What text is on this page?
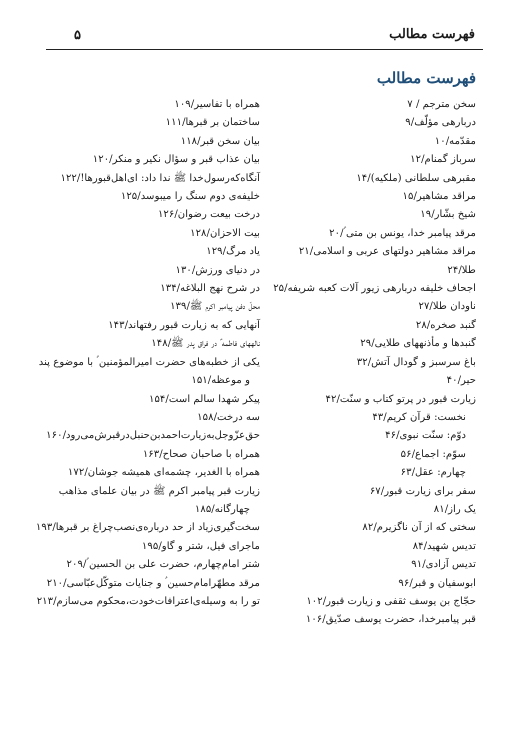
فهرست مطالب
۵
فهرست مطالب
سخن مترجم / ۷
دربارهی مؤلّف/۹
مقدّمه/۱۰
سرباز گمنام/۱۲
مقبرهی سلطانی (ملکیه)/۱۴
مراقد مشاهیر/۱۵
شیخ بشّار/۱۹
مرقد پیامبر خدا، یونس بن متی ؑ/۲۰
مراقد مشاهیر دولتهای عربی و اسلامی/۲۱
طلا/۲۴
اجحاف خلیفه دربارهی زیور آلات کعبه شریفه/۲۵
ناودان طلا/۲۷
گنبد صخره/۲۸
گنبدها و مأذنههای طلایی/۲۹
باغ سرسبز و گودال آتش/۳۲
حیر/۴۰
زیارت قبور در پرتو کتاب و سنّت/۴۲
نخست: قرآن کریم/۴۳
دوّم: سنّت نبوی/۴۶
سوّم: اجماع/۵۶
چهارم: عقل/۶۳
سفر برای زیارت قبور/۶۷
یک راز/۸۱
سختی که از آن ناگزیرم/۸۲
تدیس شهید/۸۴
تدیس آزادی/۹۱
ابوسفیان و قبر/۹۶
حجّاج بن یوسف ثقفی و زیارت قبور/۱۰۲
قبر پیامبرخدا، حضرت یوسف صدّیق/۱۰۶
همراه با تفاسیر/۱۰۹
ساختمان بر قبرها/۱۱۱
بیان سخن قبر/۱۱۸
بیان عذاب قبر و سؤال نکیر و منکر/۱۲۰
آنگاه‌که‌رسول‌خدا ﷺ ندا داد‌: ای‌اهل‌قبورها!/۱۲۲
خلیفه‌ی دوم سنگ را میبوسد/۱۲۵
درخت بیعت رضوان/۱۲۶
بیت الاحزان/۱۲۸
یاد مرگ/۱۲۹
در دنیای ورزش/۱۳۰
در شرح نهج البلاغه/۱۳۴
محلّ دفن پیامبر اکرم ﷺ/۱۳۹
آنهایی که به زیارت قبور رفتهاند/۱۴۳
نالههای فاطمه ؑ در فراق پدر ﷺ/۱۴۸
یکی از خطبه‌های حضرت امیرالمؤمنین ؑ با موضوع پند
و موعظه/۱۵۱
پیکر شهدا سالم است/۱۵۴
سه درخت/۱۵۸
حق‌عزّوجل‌به‌زیارت‌احمدبن‌حنبل‌در‌قبرش‌می‌رود/۱۶۰
همراه با صاحبان صحاح/۱۶۳
همراه با الغدیر، چشمه‌ای همیشه جوشان/۱۷۲
زیارت قبر پیامبر اکرم ﷺ در بیان علمای مذاهب
چهارگانه/۱۸۵
سخت‌گیری‌زیاد از حد درباره‌ی‌نصب‌چراغ بر قبرها/۱۹۳
ماجرای فیل، شتر و گاو/۱۹۵
شتر امام‌چهارم، حضرت علی بن الحسین ؑ/۲۰۹
مرقد مطهّرامام‌حسین ؑ و جنایات متوکّل‌عبّاسی/۲۱۰
تو را به وسیله‌ی‌اعترافات‌خودت،محکوم‌ می‌سازم/۲۱۳
